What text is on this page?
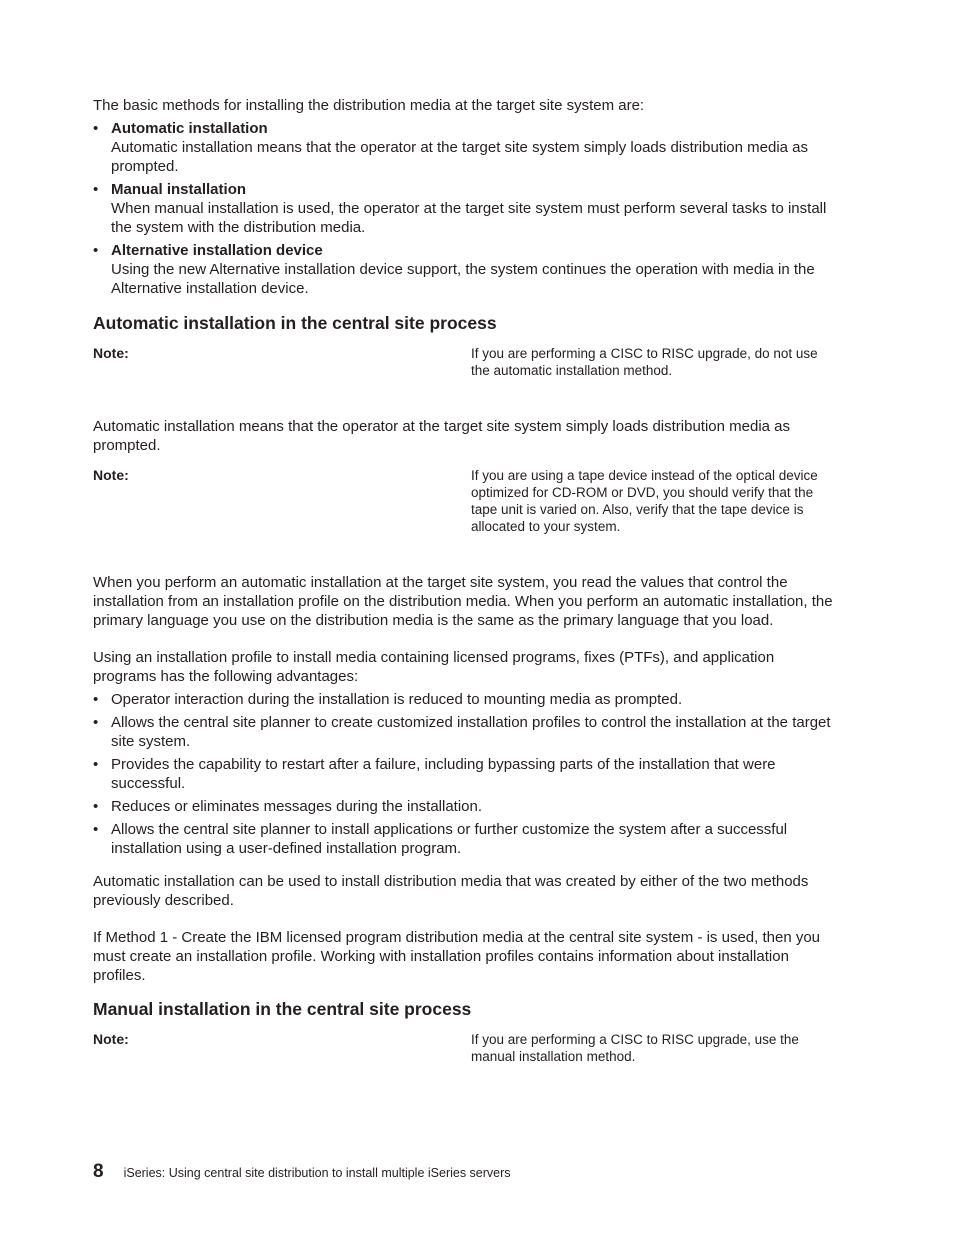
The basic methods for installing the distribution media at the target site system are:

• Automatic installation
Automatic installation means that the operator at the target site system simply loads distribution media as prompted.
• Manual installation
When manual installation is used, the operator at the target site system must perform several tasks to install the system with the distribution media.
• Alternative installation device
Using the new Alternative installation device support, the system continues the operation with media in the Alternative installation device.
Automatic installation in the central site process
Note:	If you are performing a CISC to RISC upgrade, do not use the automatic installation method.

Automatic installation means that the operator at the target site system simply loads distribution media as prompted.

Note:	If you are using a tape device instead of the optical device optimized for CD-ROM or DVD, you should verify that the tape unit is varied on. Also, verify that the tape device is allocated to your system.

When you perform an automatic installation at the target site system, you read the values that control the installation from an installation profile on the distribution media. When you perform an automatic installation, the primary language you use on the distribution media is the same as the primary language that you load.

Using an installation profile to install media containing licensed programs, fixes (PTFs), and application programs has the following advantages:

• Operator interaction during the installation is reduced to mounting media as prompted.
• Allows the central site planner to create customized installation profiles to control the installation at the target site system.
• Provides the capability to restart after a failure, including bypassing parts of the installation that were successful.
• Reduces or eliminates messages during the installation.
• Allows the central site planner to install applications or further customize the system after a successful installation using a user-defined installation program.

Automatic installation can be used to install distribution media that was created by either of the two methods previously described.

If Method 1 - Create the IBM licensed program distribution media at the central site system - is used, then you must create an installation profile. Working with installation profiles contains information about installation profiles.

Manual installation in the central site process
Note:	If you are performing a CISC to RISC upgrade, use the manual installation method.

8 iSeries: Using central site distribution to install multiple iSeries servers
